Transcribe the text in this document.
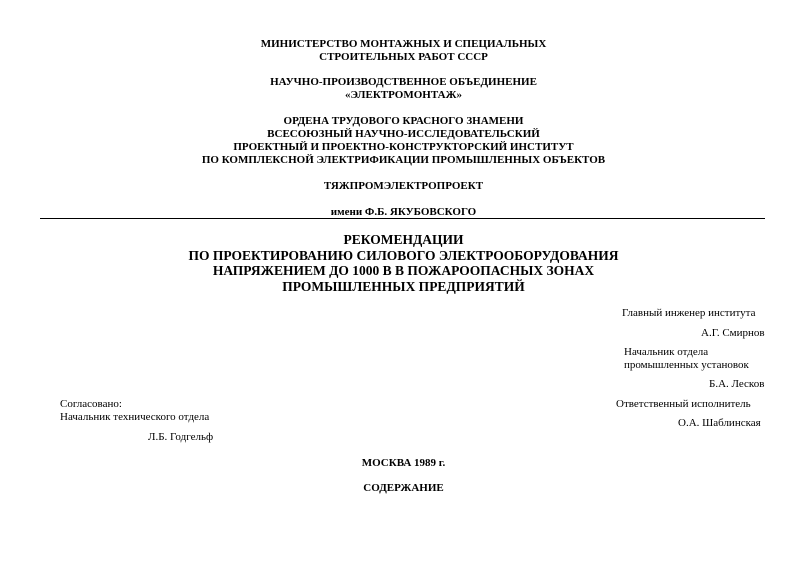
МИНИСТЕРСТВО МОНТАЖНЫХ И СПЕЦИАЛЬНЫХ
СТРОИТЕЛЬНЫХ РАБОТ СССР
НАУЧНО-ПРОИЗВОДСТВЕННОЕ ОБЪЕДИНЕНИЕ
«ЭЛЕКТРОМОНТАЖ»
ОРДЕНА ТРУДОВОГО КРАСНОГО ЗНАМЕНИ
ВСЕСОЮЗНЫЙ НАУЧНО-ИССЛЕДОВАТЕЛЬСКИЙ
ПРОЕКТНЫЙ И ПРОЕКТНО-КОНСТРУКТОРСКИЙ ИНСТИТУТ
ПО КОМПЛЕКСНОЙ ЭЛЕКТРИФИКАЦИИ ПРОМЫШЛЕННЫХ ОБЪЕКТОВ
ТЯЖПРОМЭЛЕКТРОПРОЕКТ
имени Ф.Б. ЯКУБОВСКОГО
РЕКОМЕНДАЦИИ
ПО ПРОЕКТИРОВАНИЮ СИЛОВОГО ЭЛЕКТРООБОРУДОВАНИЯ
НАПРЯЖЕНИЕМ ДО 1000 В В ПОЖАРООПАСНЫХ ЗОНАХ
ПРОМЫШЛЕННЫХ ПРЕДПРИЯТИЙ
Главный инженер института
А.Г. Смирнов
Начальник отдела
промышленных установок
Б.А. Лесков
Ответственный исполнитель
О.А. Шаблинская
Согласовано:
Начальник технического отдела
Л.Б. Годгельф
МОСКВА 1989 г.
СОДЕРЖАНИЕ
